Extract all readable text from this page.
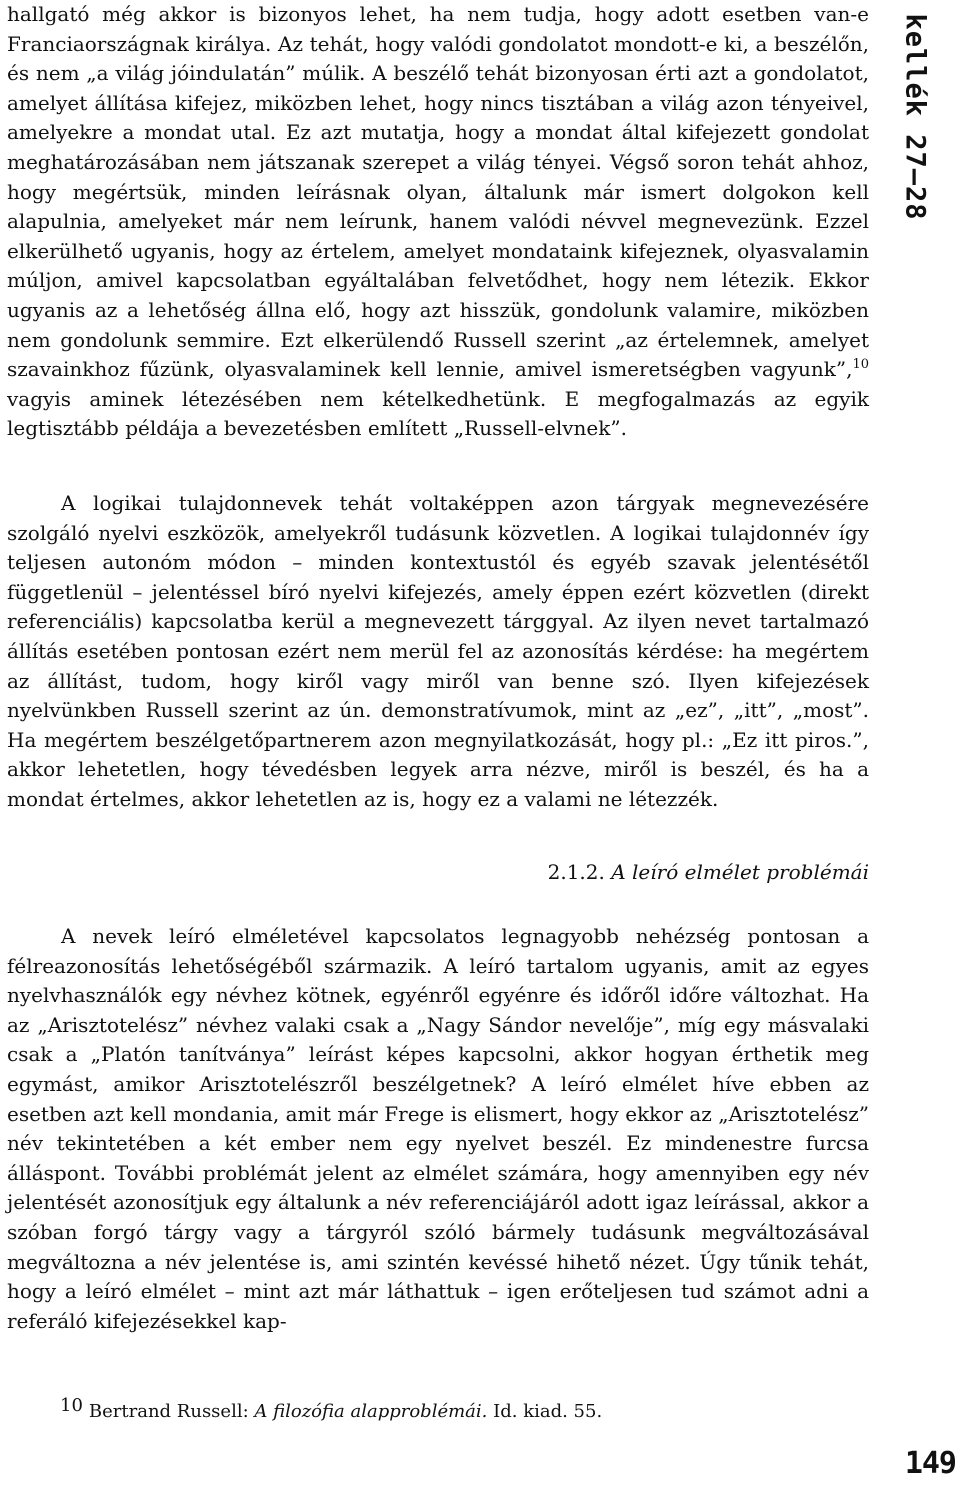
kellék 27–28

hallgató még akkor is bizonyos lehet, ha nem tudja, hogy adott esetben van-e Franciaországnak királya. Az tehát, hogy valódi gondolatot mondott-e ki, a beszélőn, és nem „a világ jóindulatán” múlik. A beszélő tehát bizonyosan érti azt a gondolatot, amelyet állítása kifejez, miközben lehet, hogy nincs tisztában a világ azon tényeivel, amelyekre a mondat utal. Ez azt mutatja, hogy a mondat által kifejezett gondolat meghatározásában nem játszanak szerepet a világ tényei. Végső soron tehát ahhoz, hogy megértsük, minden leírásnak olyan, általunk már ismert dolgokon kell alapulnia, amelyeket már nem leírunk, hanem valódi névvel megnevezünk. Ezzel elkerülhető ugyanis, hogy az értelem, amelyet mondataink kifejeznek, olyasvalamin múljon, amivel kapcsolatban egyáltalában felvetődhet, hogy nem létezik. Ekkor ugyanis az a lehetőség állna elő, hogy azt hisszük, gondolunk valamire, miközben nem gondolunk semmire. Ezt elkerülendő Russell szerint „az értelemnek, amelyet szavainkhoz fűzünk, olyasvalaminek kell lennie, amivel ismeretségben vagyunk”,$^{10}$ vagyis aminek létezésében nem kételkedhetünk. E megfogalmazás az egyik legtisztább példája a bevezetésben említett „Russell-elvnek”.

A logikai tulajdonnevek tehát voltaképpen azon tárgyak megnevezésére szolgáló nyelvi eszközök, amelyekről tudásunk közvetlen. A logikai tulajdonnév így teljesen autonóm módon – minden kontextustól és egyéb szavak jelentésétől függetlenül – jelentéssel bíró nyelvi kifejezés, amely éppen ezért közvetlen (direkt referenciális) kapcsolatba kerül a megnevezett tárggyal. Az ilyen nevet tartalmazó állítás esetében pontosan ezért nem merül fel az azonosítás kérdése: ha megértem az állítást, tudom, hogy kiről vagy miről van benne szó. Ilyen kifejezések nyelvünkben Russell szerint az ún. demonstratívumok, mint az „ez”, „itt”, „most”. Ha megértem beszélgetőpartnerem azon megnyilatkozását, hogy pl.: „Ez itt piros.”, akkor lehetetlen, hogy tévedésben legyek arra nézve, miről is beszél, és ha a mondat értelmes, akkor lehetetlen az is, hogy ez a valami ne létezzék.

2.1.2. A leíró elmélet problémái

A nevek leíró elméletével kapcsolatos legnagyobb nehézség pontosan a félreazonosítás lehetőségéből származik. A leíró tartalom ugyanis, amit az egyes nyelvhasználók egy névhez kötnek, egyénről egyénre és időről időre változhat. Ha az „Arisztotelész” névhez valaki csak a „Nagy Sándor nevelője”, míg egy másvalaki csak a „Platón tanítványa” leírást képes kapcsolni, akkor hogyan érthetik meg egymást, amikor Arisztotelészről beszélgetnek? A leíró elmélet híve ebben az esetben azt kell mondania, amit már Frege is elismert, hogy ekkor az „Arisztotelész” név tekintetében a két ember nem egy nyelvet beszél. Ez mindenestre furcsa álláspont. További problémát jelent az elmélet számára, hogy amennyiben egy név jelentését azonosítjuk egy általunk a név referenciájáról adott igaz leírással, akkor a szóban forgó tárgy vagy a tárgyról szóló bármely tudásunk megváltozásával megváltozna a név jelentése is, ami szintén kevéssé hihető nézet. Úgy tűnik tehát, hogy a leíró elmélet – mint azt már láthattuk – igen erőteljesen tud számot adni a referáló kifejezésekkel kap-

10 Bertrand Russell: A filozófia alapproblémái. Id. kiad. 55.
149
